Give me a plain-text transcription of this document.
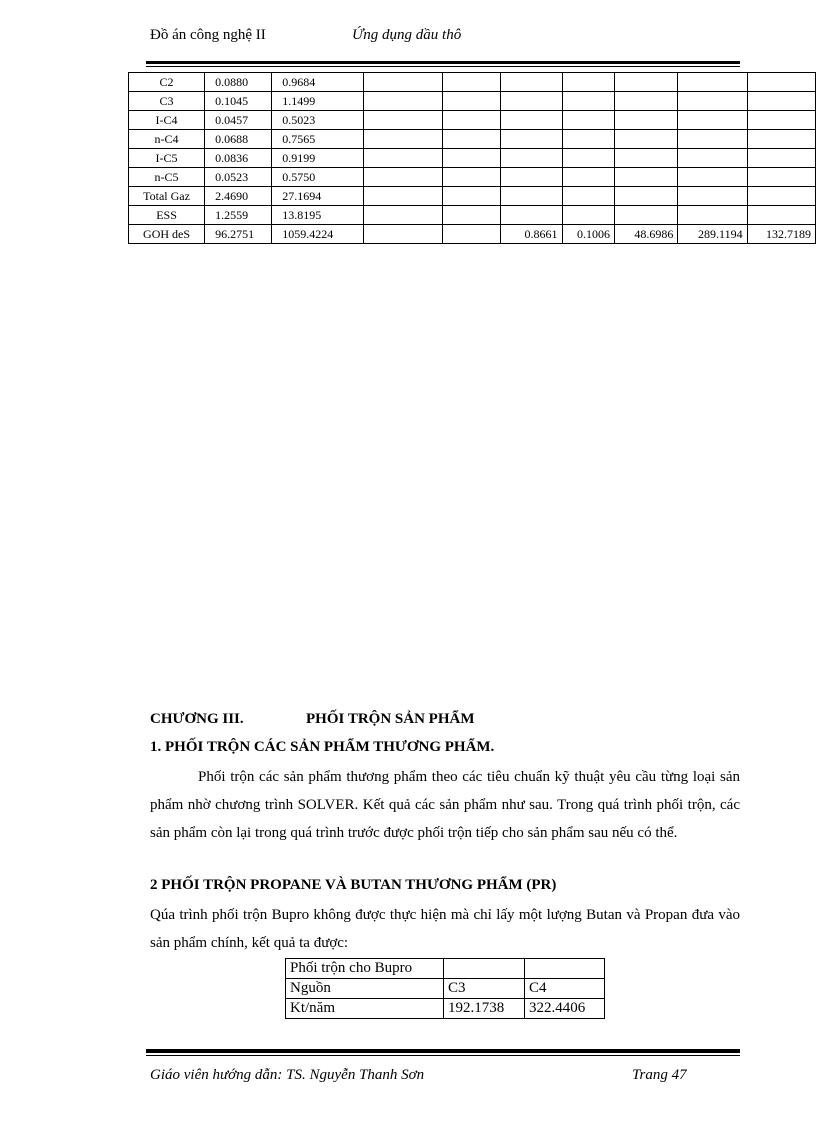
Đồ án công nghệ II	Ứng dụng dầu thô
C2	0.0880	0.9684							
C3	0.1045	1.1499							
I-C4	0.0457	0.5023							
n-C4	0.0688	0.7565							
I-C5	0.0836	0.9199							
n-C5	0.0523	0.5750							
Total Gaz	2.4690	27.1694							
ESS	1.2559	13.8195							
GOH deS	96.2751	1059.4224			0.8661	0.1006	48.6986	289.1194	132.7189
CHƯƠNG III.	PHỐI TRỘN SẢN PHẨM
1. PHỐI TRỘN CÁC SẢN PHẨM THƯƠNG PHẨM.
Phối trộn các sản phẩm thương phẩm theo các tiêu chuẩn kỹ thuật yêu cầu từng loại sản phẩm nhờ chương trình SOLVER. Kết quả các sản phẩm như sau. Trong quá trình phối trộn, các sản phẩm còn lại trong quá trình trước được phối trộn tiếp cho sản phẩm sau nếu có thể.
2 PHỐI TRỘN PROPANE VÀ BUTAN THƯƠNG PHẨM (PR)
Qúa trình phối trộn Bupro không được thực hiện mà chỉ lấy một lượng Butan và Propan đưa vào sản phẩm chính, kết quả ta được:
Phối trộn cho Bupro		
Nguồn	C3	C4
Kt/năm	192.1738	322.4406
Giáo viên hướng dẫn: TS. Nguyễn Thanh Sơn	Trang 47
